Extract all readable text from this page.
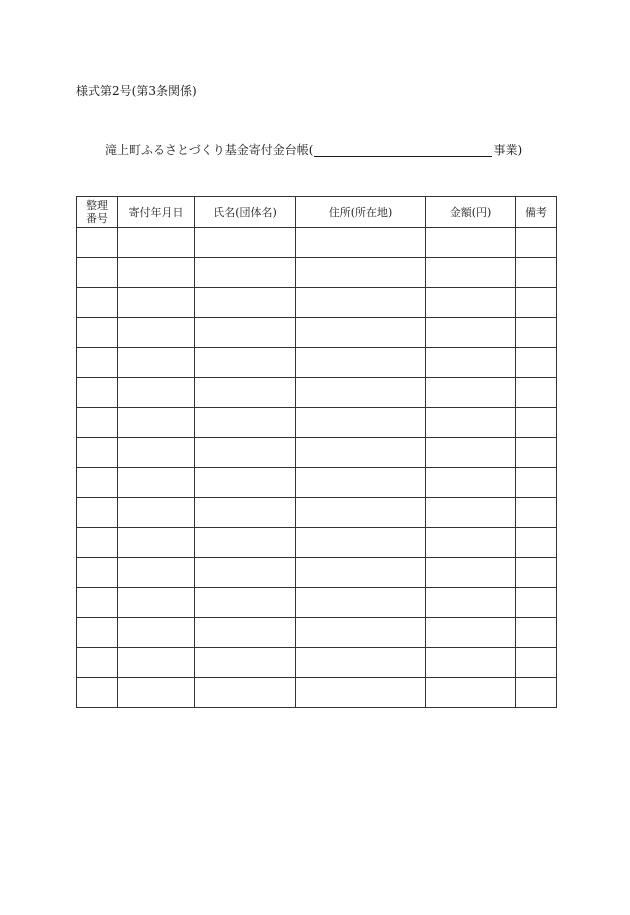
様式第2号(第3条関係)
滝上町ふるさとづくり基金寄付金台帳(	事業)
整理
番号	寄付年月日	氏名(団体名)	住所(所在地)	金額(円)	備考
